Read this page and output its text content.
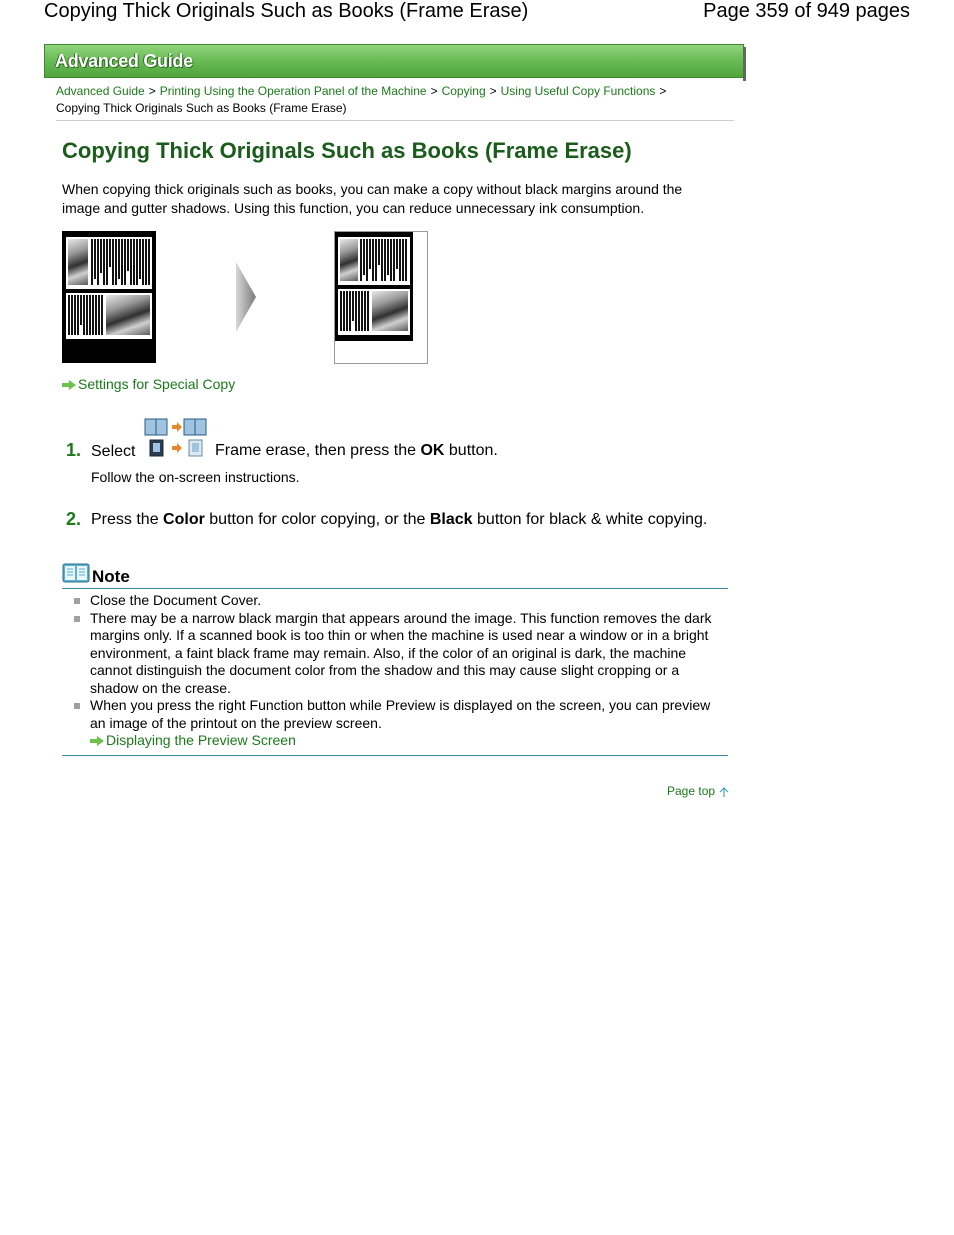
Copying Thick Originals Such as Books (Frame Erase)	Page 359 of 949 pages
Advanced Guide
Advanced Guide > Printing Using the Operation Panel of the Machine > Copying > Using Useful Copy Functions >
Copying Thick Originals Such as Books (Frame Erase)
Copying Thick Originals Such as Books (Frame Erase)

When copying thick originals such as books, you can make a copy without black margins around the image and gutter shadows. Using this function, you can reduce unnecessary ink consumption.

Settings for Special Copy
1. Select	Frame erase, then press the OK button.
Follow the on-screen instructions.
2. Press the Color button for color copying, or the Black button for black & white copying.
Note
Close the Document Cover.
There may be a narrow black margin that appears around the image. This function removes the dark margins only. If a scanned book is too thin or when the machine is used near a window or in a bright environment, a faint black frame may remain. Also, if the color of an original is dark, the machine cannot distinguish the document color from the shadow and this may cause slight cropping or a shadow on the crease.
When you press the right Function button while Preview is displayed on the screen, you can preview an image of the printout on the preview screen.
Displaying the Preview Screen
Page top
